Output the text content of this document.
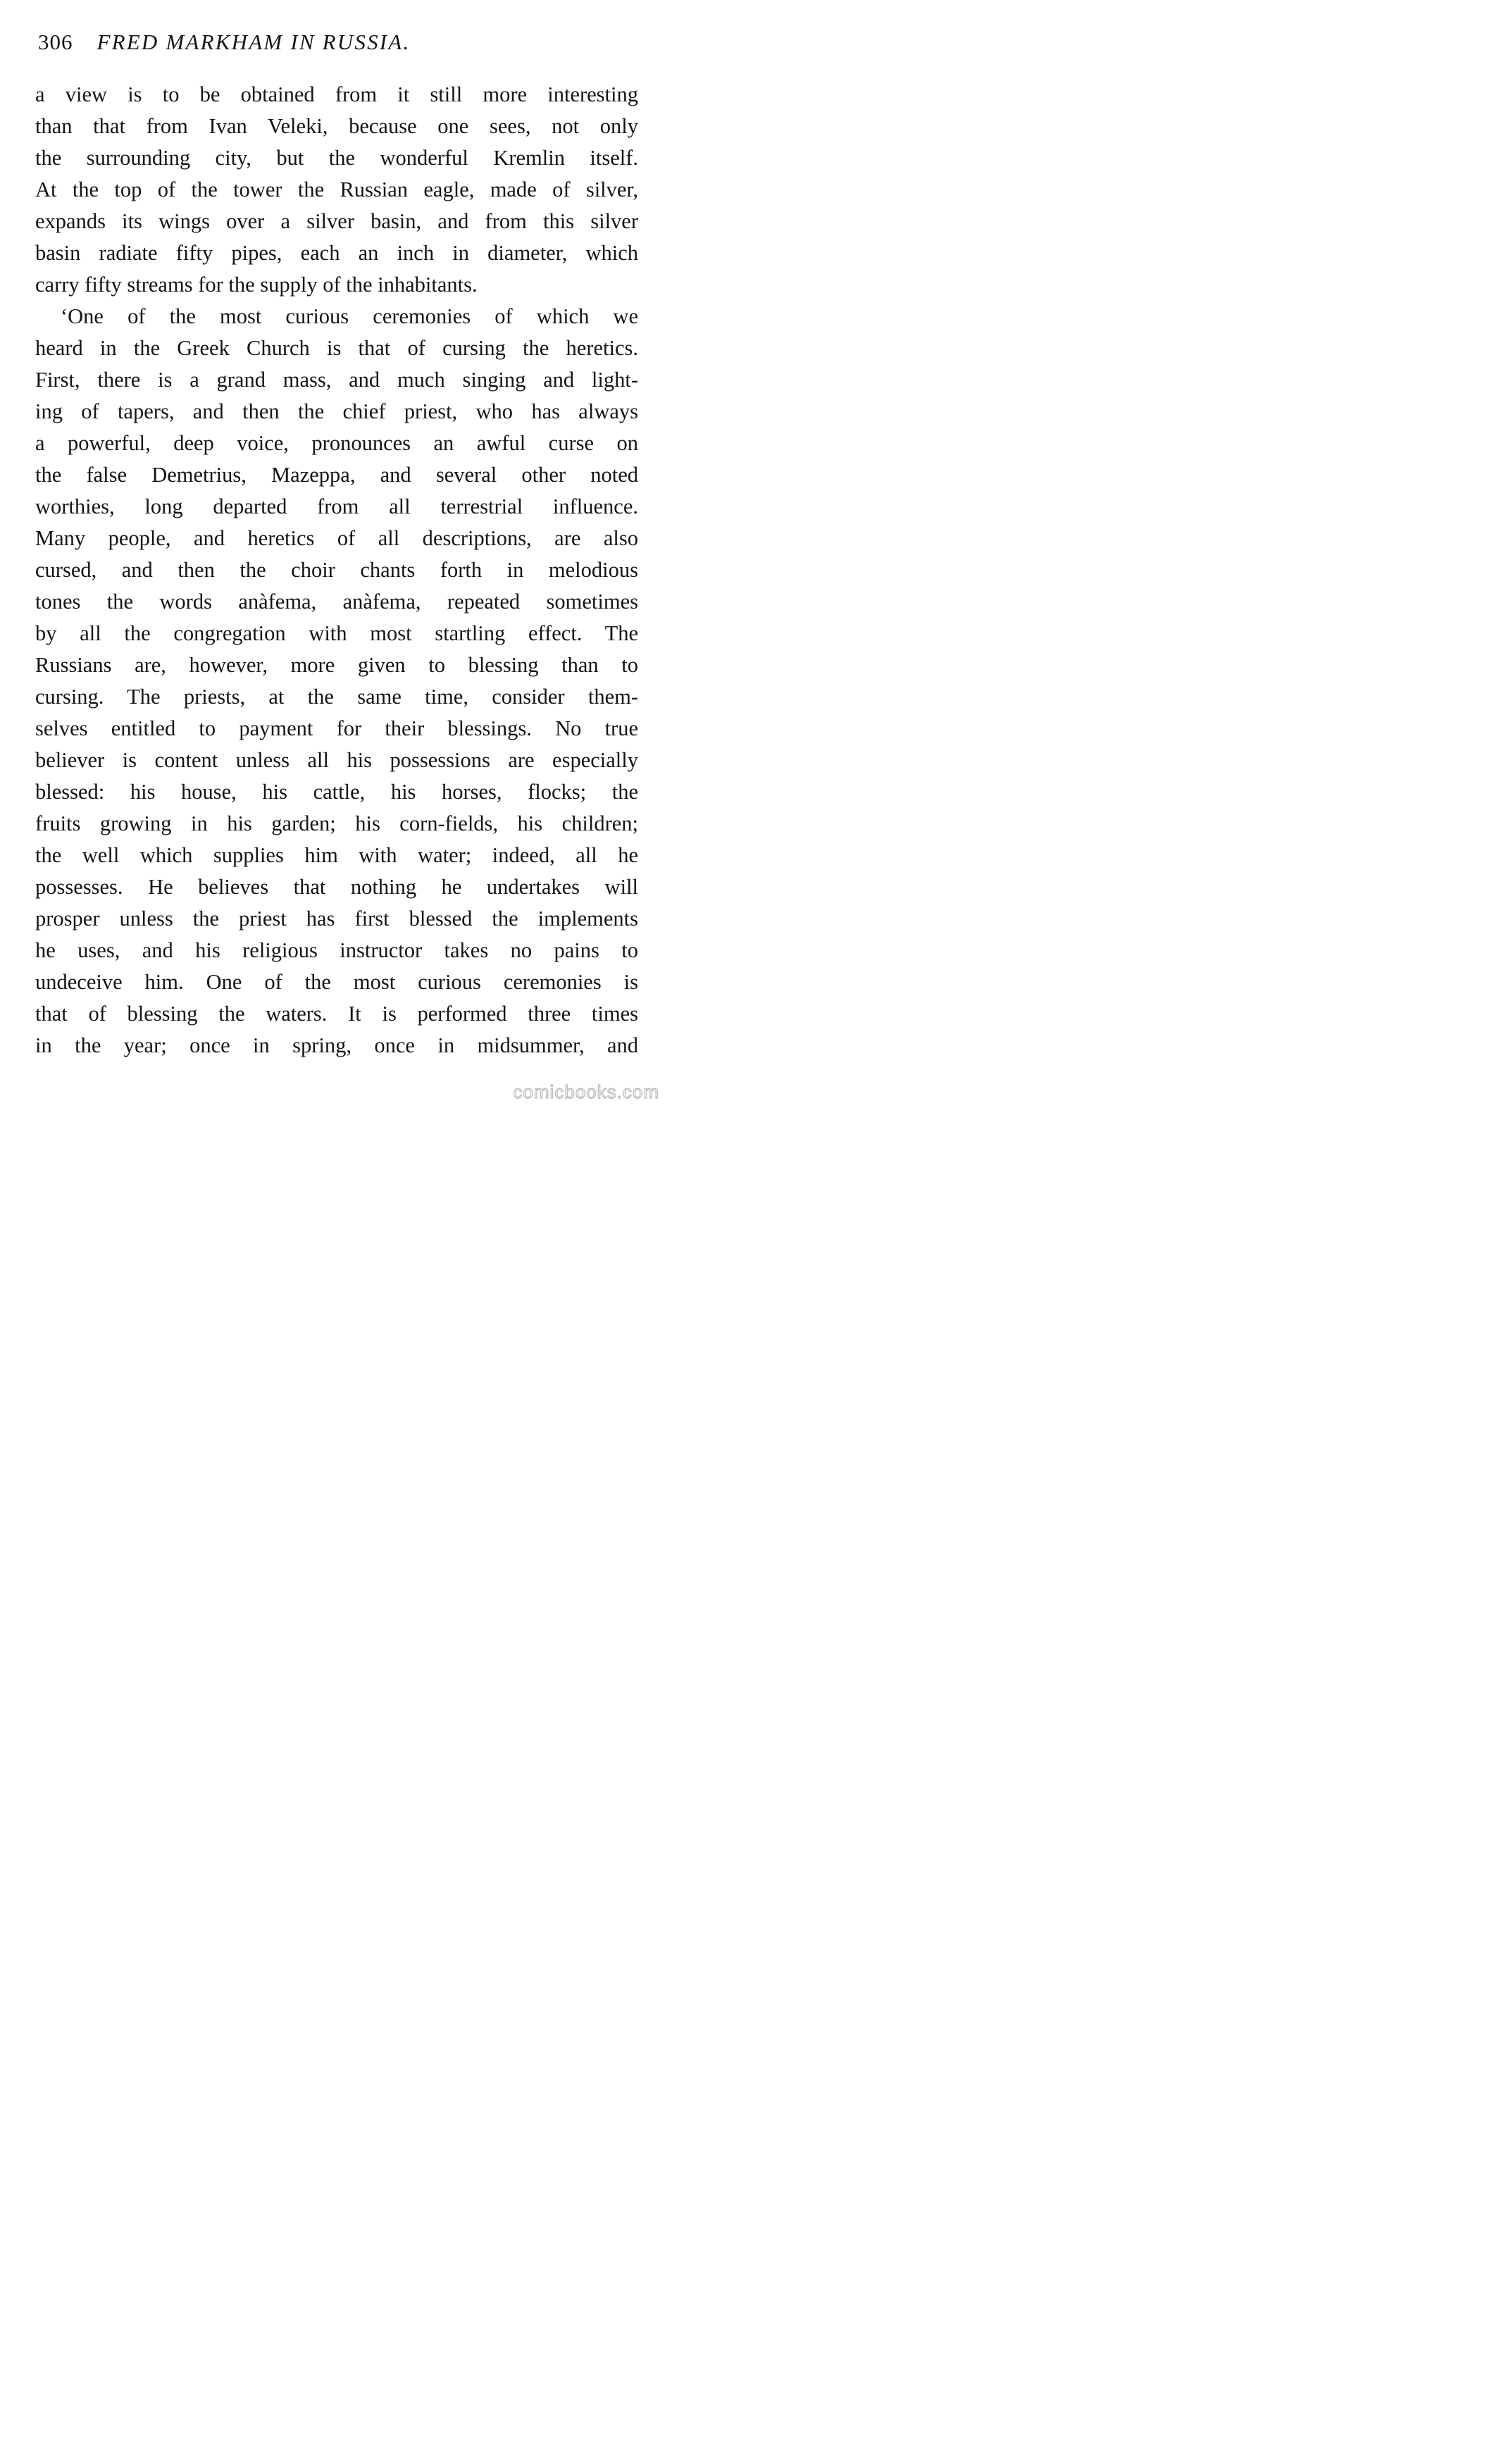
306 FRED MARKHAM IN RUSSIA.
a view is to be obtained from it still more interesting
than that from Ivan Veleki, because one sees, not only
the surrounding city, but the wonderful Kremlin itself.
At the top of the tower the Russian eagle, made of silver,
expands its wings over a silver basin, and from this silver
basin radiate fifty pipes, each an inch in diameter, which
carry fifty streams for the supply of the inhabitants.
‘One of the most curious ceremonies of which we
heard in the Greek Church is that of cursing the heretics.
First, there is a grand mass, and much singing and light-
ing of tapers, and then the chief priest, who has always
a powerful, deep voice, pronounces an awful curse on
the false Demetrius, Mazeppa, and several other noted
worthies, long departed from all terrestrial influence.
Many people, and heretics of all descriptions, are also
cursed, and then the choir chants forth in melodious
tones the words anàfema, anàfema, repeated sometimes
by all the congregation with most startling effect. The
Russians are, however, more given to blessing than to
cursing. The priests, at the same time, consider them-
selves entitled to payment for their blessings. No true
believer is content unless all his possessions are especially
blessed: his house, his cattle, his horses, flocks; the
fruits growing in his garden; his corn-fields, his children;
the well which supplies him with water; indeed, all he
possesses. He believes that nothing he undertakes will
prosper unless the priest has first blessed the implements
he uses, and his religious instructor takes no pains to
undeceive him. One of the most curious ceremonies is
that of blessing the waters. It is performed three times
in the year; once in spring, once in midsummer, and
comicbooks.com
